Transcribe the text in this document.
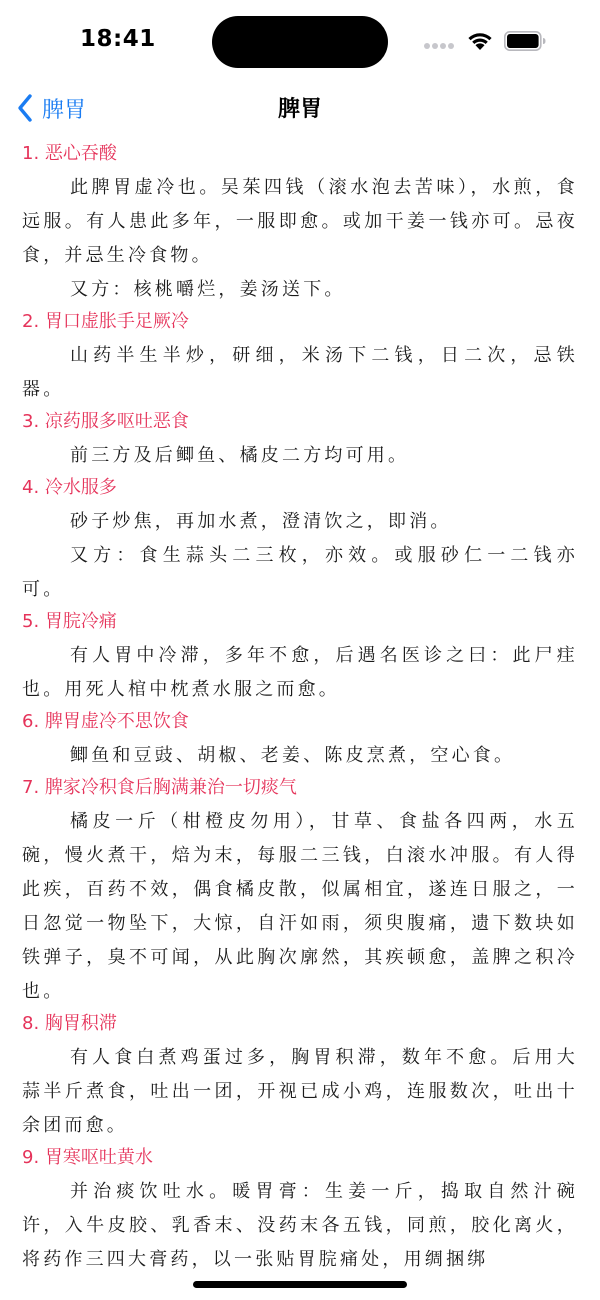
18:41
脾胃	脾胃
1. 恶心吞酸

此脾胃虚冷也。吴茱四钱（滚水泡去苦味），水煎，食远服。有人患此多年，一服即愈。或加干姜一钱亦可。忌夜食，并忌生冷食物。

又方：核桃嚼烂，姜汤送下。

2. 胃口虚胀手足厥冷

山药半生半炒，研细，米汤下二钱，日二次，忌铁器。

3. 凉药服多呕吐恶食

前三方及后鲫鱼、橘皮二方均可用。

4. 冷水服多

砂子炒焦，再加水煮，澄清饮之，即消。

又方：食生蒜头二三枚，亦效。或服砂仁一二钱亦可。

5. 胃脘冷痛

有人胃中冷滞，多年不愈，后遇名医诊之曰：此尸疰也。用死人棺中枕煮水服之而愈。

6. 脾胃虚冷不思饮食

鲫鱼和豆豉、胡椒、老姜、陈皮烹煮，空心食。

7. 脾家冷积食后胸满兼治一切痰气

橘皮一斤（柑橙皮勿用），甘草、食盐各四两，水五碗，慢火煮干，焙为末，每服二三钱，白滚水冲服。有人得此疾，百药不效，偶食橘皮散，似属相宜，遂连日服之，一日忽觉一物坠下，大惊，自汗如雨，须臾腹痛，遗下数块如铁弹子，臭不可闻，从此胸次廓然，其疾顿愈，盖脾之积冷也。

8. 胸胃积滞

有人食白煮鸡蛋过多，胸胃积滞，数年不愈。后用大蒜半斤煮食，吐出一团，开视已成小鸡，连服数次，吐出十余团而愈。

9. 胃寒呕吐黄水

并治痰饮吐水。暖胃膏：生姜一斤，捣取自然汁碗许，入牛皮胶、乳香末、没药末各五钱，同煎，胶化离火，将药作三四大膏药，以一张贴胃脘痛处，用绸捆绑
